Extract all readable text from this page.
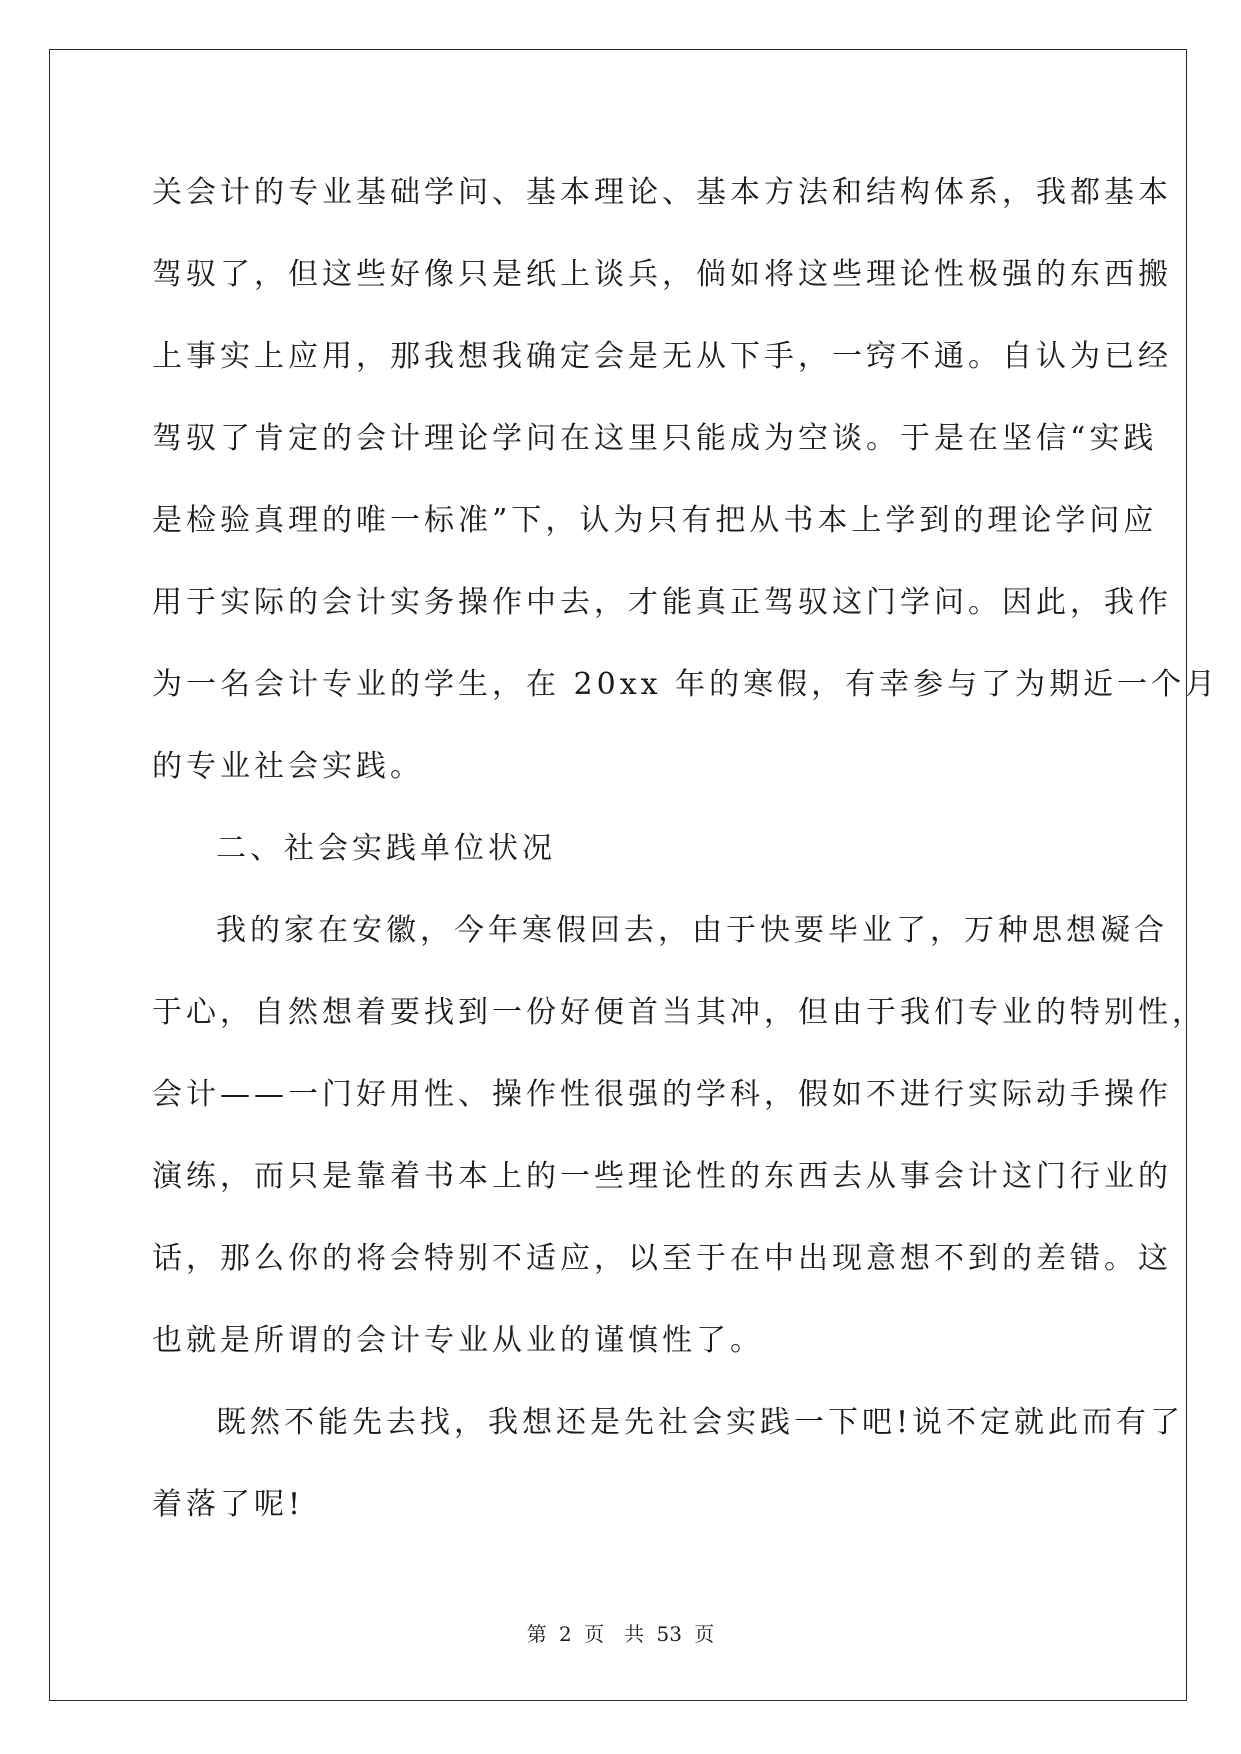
关会计的专业基础学问、基本理论、基本方法和结构体系，我都基本
驾驭了，但这些好像只是纸上谈兵，倘如将这些理论性极强的东西搬
上事实上应用，那我想我确定会是无从下手，一窍不通。自认为已经
驾驭了肯定的会计理论学问在这里只能成为空谈。于是在坚信“实践
是检验真理的唯一标准”下，认为只有把从书本上学到的理论学问应
用于实际的会计实务操作中去，才能真正驾驭这门学问。因此，我作
为一名会计专业的学生，在 20xx 年的寒假，有幸参与了为期近一个月
的专业社会实践。
二、社会实践单位状况
我的家在安徽，今年寒假回去，由于快要毕业了，万种思想凝合
于心，自然想着要找到一份好便首当其冲，但由于我们专业的特别性，
会计——一门好用性、操作性很强的学科，假如不进行实际动手操作
演练，而只是靠着书本上的一些理论性的东西去从事会计这门行业的
话，那么你的将会特别不适应，以至于在中出现意想不到的差错。这
也就是所谓的会计专业从业的谨慎性了。
既然不能先去找，我想还是先社会实践一下吧!说不定就此而有了
着落了呢!
第 2 页 共 53 页
